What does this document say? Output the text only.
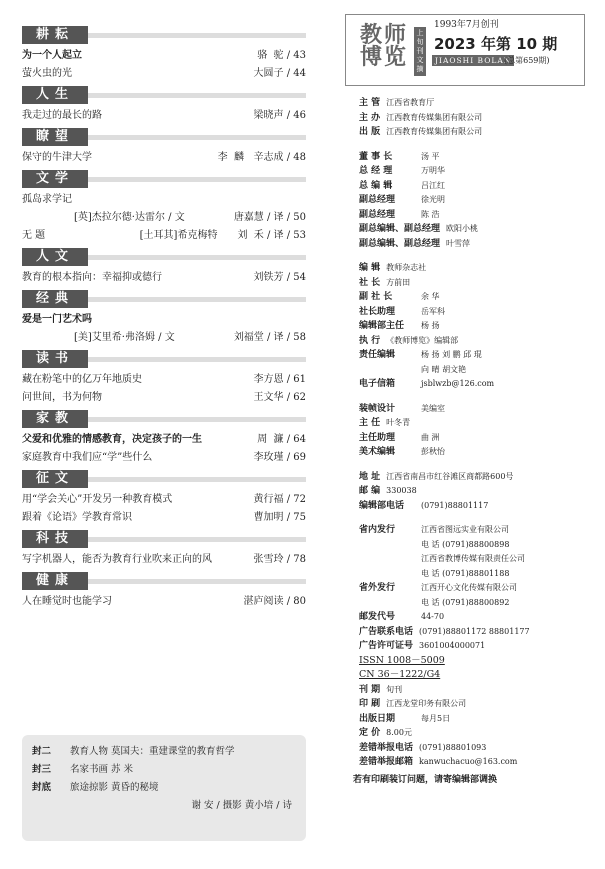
耕耘
为一个人起立	骆  驼 / 43
萤火虫的光	大圆子 / 44
人生
我走过的最长的路	梁晓声 / 46
瞭望
保守的牛津大学	李  麟   辛志成 / 48
文学
孤岛求学记
[英]杰拉尔德·达雷尔 / 文	唐嘉慧 / 译 / 50
无 题	[土耳其]希克梅特 刘  禾 / 译 / 53
人文
教育的根本指向：幸福抑或德行	刘铁芳 / 54
经典
爱是一门艺术吗
[美]艾里希·弗洛姆 / 文	刘福堂 / 译 / 58
读书
藏在粉笔中的亿万年地质史	李方恩 / 61
问世间，书为何物	王文华 / 62
家教
父爱和优雅的情感教育，决定孩子的一生	周  濂 / 64
家庭教育中我们应“学”些什么	李玫瑾 / 69
征文
用“学会关心”开发另一种教育模式	黄行福 / 72
跟着《论语》学教育常识	曹加明 / 75
科技
写字机器人，能否为教育行业吹来正向的风	张雪玲 / 78
健康
人在睡觉时也能学习	湛庐阅读 / 80
封二	教育人物 莫国夫：重建课堂的教育哲学
封三	名家书画 苏 米
封底	旅途掠影 黄昏的秘境
谢 安 / 摄影 黄小培 / 诗
教师博览
上旬刊 文摘
1993年7月创刊
2023 年第 10 期
JIAOSHI BOLAN
(总第659期)
主 管 江西省教育厅
主 办 江西教育传媒集团有限公司
出 版 江西教育传媒集团有限公司
董 事 长	汤 平
总 经 理	万明华
总 编 辑	吕江红
副总经理	徐光明
副总经理	陈 浩
副总编辑、副总经理 欧阳小桃
副总编辑、副总经理 叶雪萍
编 辑 教师杂志社
社 长 方前田
副 社 长	余 华
社长助理	岳军科
编辑部主任	杨 扬
执 行 《教师博览》编辑部
责任编辑	杨 扬 刘 鹏 邱 琨
向 晴 胡文艳
电子信箱	jsblwzb@126.com
装帧设计	美编室
主 任 叶冬青
主任助理	曲 洲
美术编辑	彭秋怡
地 址 江西省南昌市红谷滩区商都路600号
邮 编 330038
编辑部电话	(0791)88801117
省内发行	江西省图远实业有限公司
电 话 (0791)88800898
江西省教博传媒有限责任公司
电 话 (0791)88801188
省外发行	江西开心文化传媒有限公司
电 话 (0791)88800892
邮发代号	44-70
广告联系电话 (0791)88801172 88801177
广告许可证号 3601004000071
ISSN 1008－5009
CN 36－1222/G4
刊 期 旬刊
印 刷 江西龙堂印务有限公司
出版日期	每月5日
定 价 8.00元
差错举报电话 (0791)88801093
差错举报邮箱 kanwuchacuo@163.com
若有印刷装订问题，请寄编辑部调换
